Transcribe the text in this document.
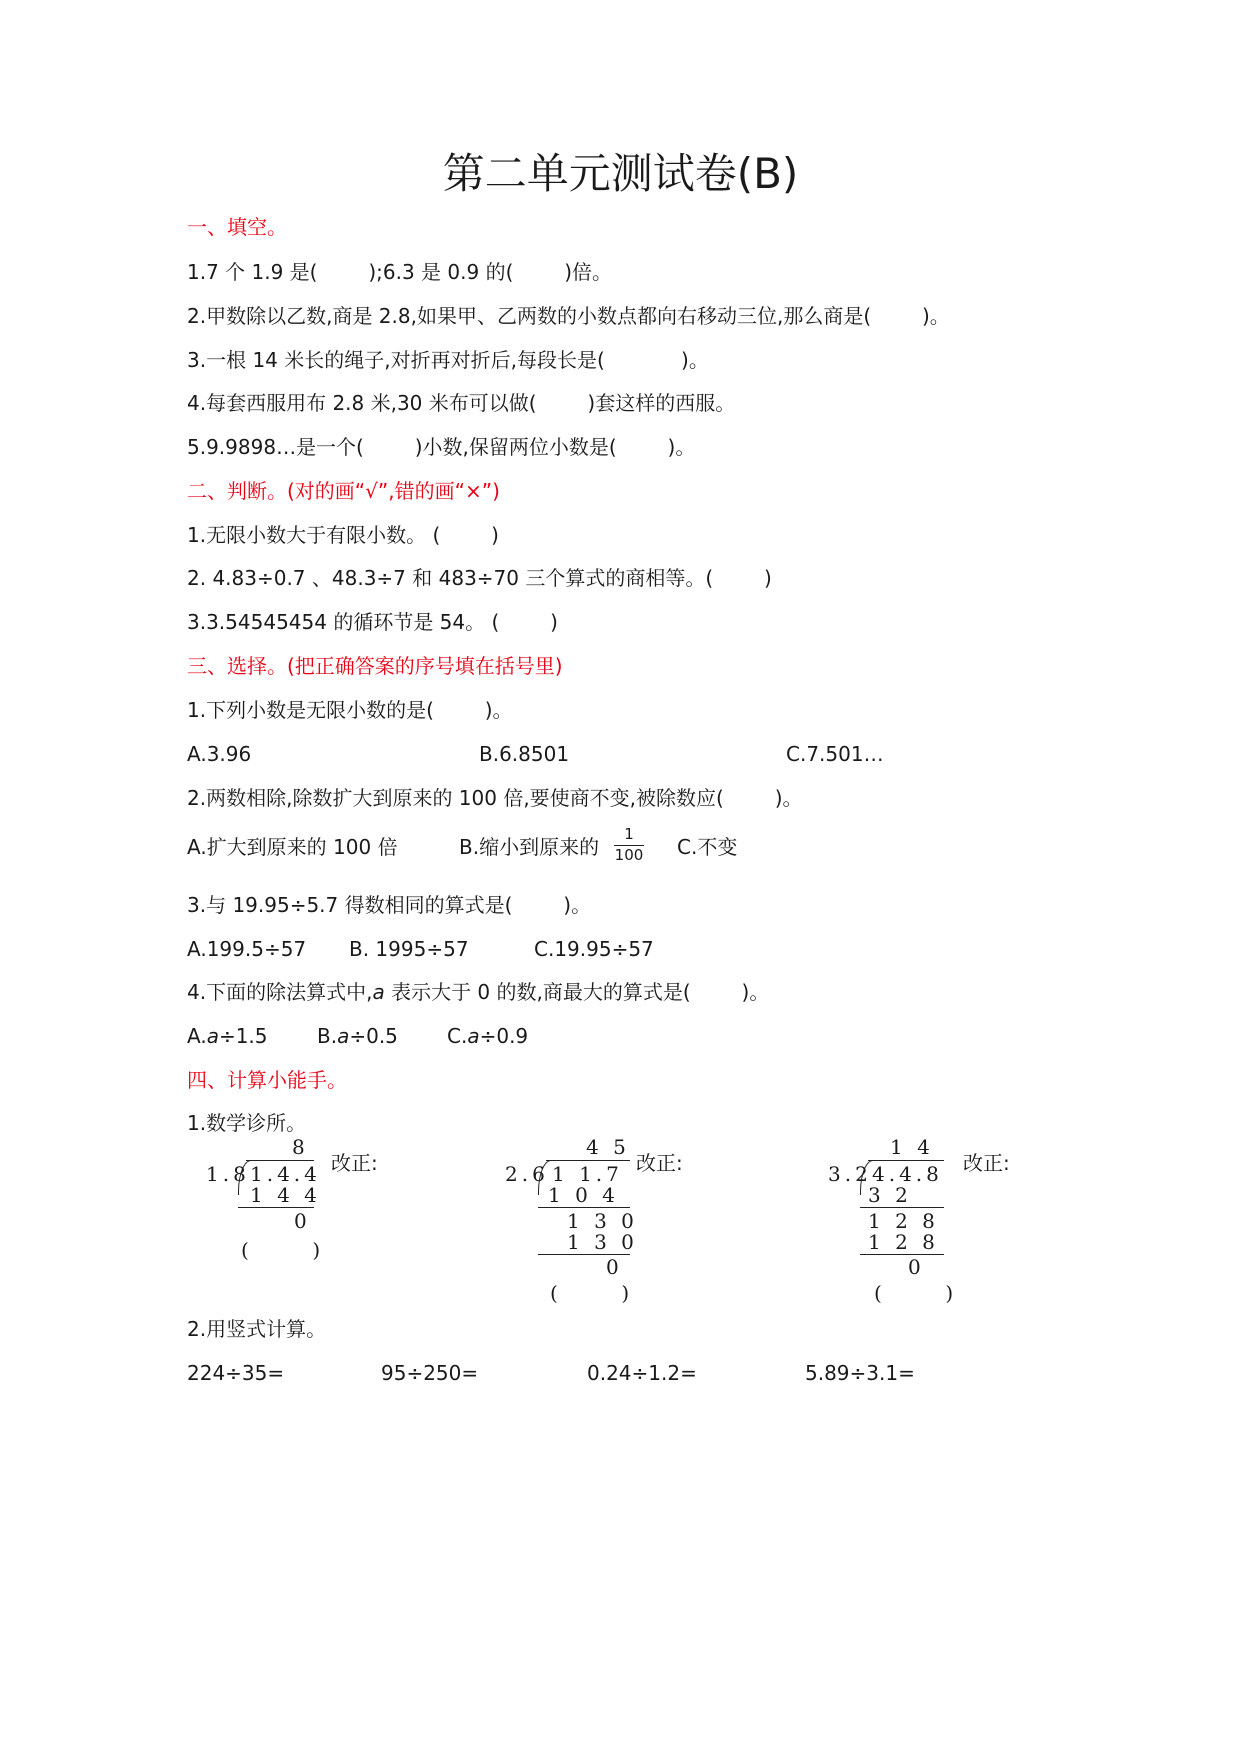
第二单元测试卷(B)
一、填空。
1.7 个 1.9 是(        );6.3 是 0.9 的(        )倍。
2.甲数除以乙数,商是 2.8,如果甲、乙两数的小数点都向右移动三位,那么商是(        )。
3.一根 14 米长的绳子,对折再对折后,每段长是(            )。
4.每套西服用布 2.8 米,30 米布可以做(        )套这样的西服。
5.9.9898…是一个(        )小数,保留两位小数是(        )。
二、判断。(对的画“√”,错的画“×”)
1.无限小数大于有限小数。 (        )
2. 4.83÷0.7 、48.3÷7 和 483÷70 三个算式的商相等。(        )
3.3.54545454 的循环节是 54。 (        )
三、选择。(把正确答案的序号填在括号里)
1.下列小数是无限小数的是(        )。
A.3.96	B.6.8501	C.7.501…
2.两数相除,除数扩大到原来的 100 倍,要使商不变,被除数应(        )。
A.扩大到原来的 100 倍	B.缩小到原来的
1
100 C.不变
3.与 19.95÷5.7 得数相同的算式是(        )。
A.199.5÷57 B. 1995÷57	C.19.95÷57
4.下面的除法算式中,a 表示大于 0 的数,商最大的算式是(        )。
A.a÷1.5 B.a÷0.5 C.a÷0.9
四、计算小能手。
1.数学诊所。
8
1.8 1.4.4
1 4 4
0
(          )
改正:
4 5
2.6 1 1.7
1 0 4
1 3 0
1 3 0
0
(          )
改正:
1 4
3.2 4.4.8
3 2
1 2 8
1 2 8
0
(          )
改正:
2.用竖式计算。
224÷35=	95÷250=	0.24÷1.2=	5.89÷3.1=
